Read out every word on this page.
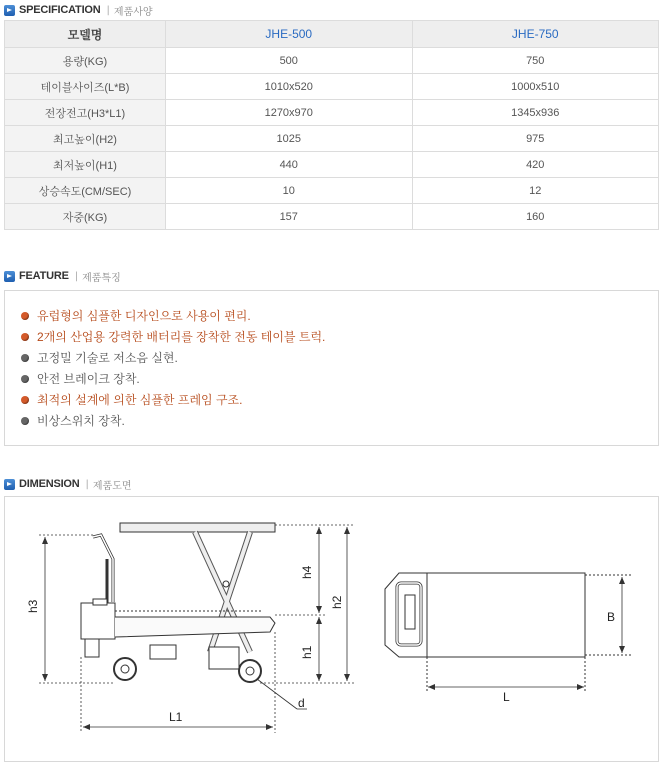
SPECIFICATION | 제품사양
모델명	JHE-500	JHE-750
용량(KG)	500	750
테이블사이즈(L*B)	1010x520	1000x510
전장전고(H3*L1)	1270x970	1345x936
최고높이(H2)	1025	975
최저높이(H1)	440	420
상승속도(CM/SEC)	10	12
자중(KG)	157	160
FEATURE | 제품특징
유럽형의 심플한 디자인으로 사용이 편리.
2개의 산업용 강력한 배터리를 장착한 전동 테이블 트럭.
고정밀 기술로 저소음 실현.
안전 브레이크 장착.
최적의 설계에 의한 심플한 프레임 구조.
비상스위치 장착.
DIMENSION | 제품도면
h3
h4
h2
h1
L1
d	L
B
